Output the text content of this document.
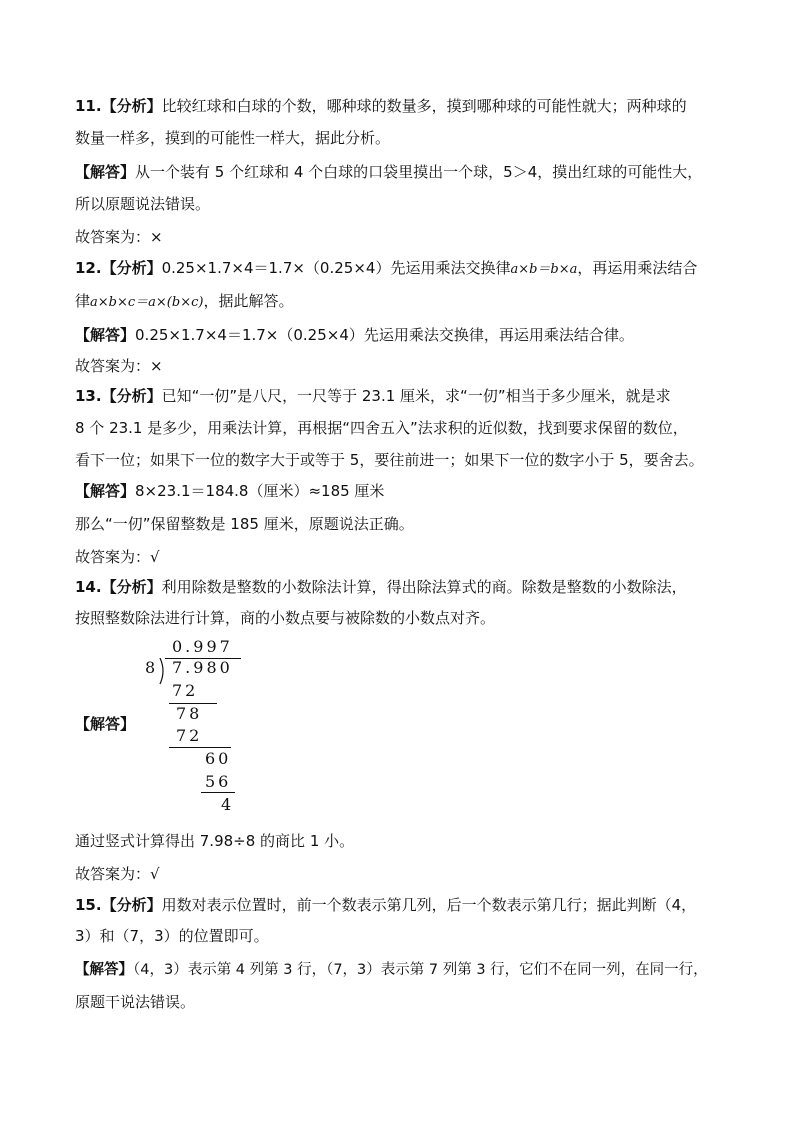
11.【分析】比较红球和白球的个数，哪种球的数量多，摸到哪种球的可能性就大；两种球的
数量一样多，摸到的可能性一样大，据此分析。
【解答】从一个装有 5 个红球和 4 个白球的口袋里摸出一个球，5＞4，摸出红球的可能性大，
所以原题说法错误。
故答案为：×
12.【分析】0.25×1.7×4＝1.7×（0.25×4）先运用乘法交换律a×b＝b×a，再运用乘法结合
律a×b×c＝a×(b×c)，据此解答。
【解答】0.25×1.7×4＝1.7×（0.25×4）先运用乘法交换律，再运用乘法结合律。
故答案为：×
13.【分析】已知“一仞”是八尺，一尺等于 23.1 厘米，求“一仞”相当于多少厘米，就是求
8 个 23.1 是多少，用乘法计算，再根据“四舍五入”法求积的近似数，找到要求保留的数位，
看下一位；如果下一位的数字大于或等于 5，要往前进一；如果下一位的数字小于 5，要舍去。
【解答】8×23.1＝184.8（厘米）≈185 厘米
那么“一仞”保留整数是 185 厘米，原题说法正确。
故答案为：√
14.【分析】利用除数是整数的小数除法计算，得出除法算式的商。除数是整数的小数除法，
按照整数除法进行计算，商的小数点要与被除数的小数点对齐。
【解答】
0.997
8 7.980
72
78
72
60
56
4
通过竖式计算得出 7.98÷8 的商比 1 小。
故答案为：√
15.【分析】用数对表示位置时，前一个数表示第几列，后一个数表示第几行；据此判断（4，
3）和（7，3）的位置即可。
【解答】（4，3）表示第 4 列第 3 行，（7，3）表示第 7 列第 3 行，它们不在同一列，在同一行，
原题干说法错误。
